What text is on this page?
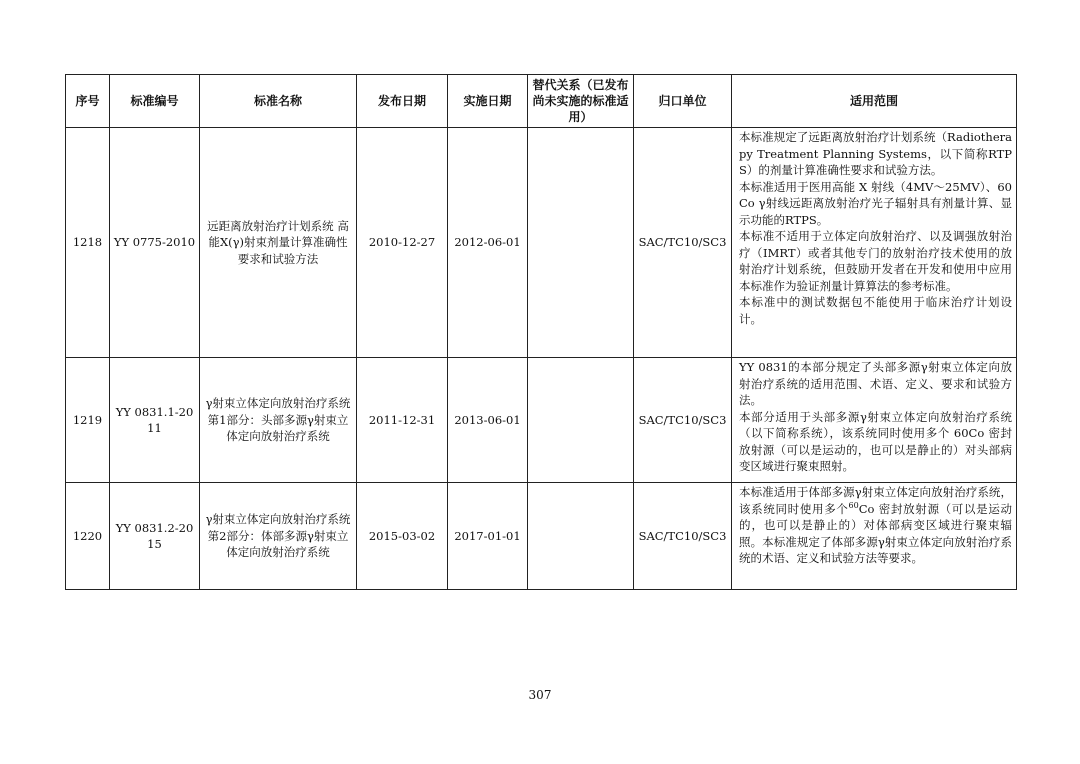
序号	标准编号	标准名称	发布日期	实施日期	替代关系（已发布尚未实施的标准适用）	归口单位	适用范围
1218	YY 0775-2010	远距离放射治疗计划系统 高能X(γ)射束剂量计算准确性要求和试验方法	2010-12-27	2012-06-01		SAC/TC10/SC3	本标准规定了远距离放射治疗计划系统（Radiotherapy Treatment Planning Systems，以下简称RTPS）的剂量计算准确性要求和试验方法。
本标准适用于医用高能 X 射线（4MV～25MV）、60Co γ射线远距离放射治疗光子辐射具有剂量计算、显示功能的RTPS。
本标准不适用于立体定向放射治疗、以及调强放射治疗（IMRT）或者其他专门的放射治疗技术使用的放射治疗计划系统，但鼓励开发者在开发和使用中应用本标准作为验证剂量计算算法的参考标准。
本标准中的测试数据包不能使用于临床治疗计划设计。

1219	YY 0831.1-2011	γ射束立体定向放射治疗系统 第1部分：头部多源γ射束立体定向放射治疗系统	2011-12-31	2013-06-01		SAC/TC10/SC3	YY 0831的本部分规定了头部多源γ射束立体定向放射治疗系统的适用范围、术语、定义、要求和试验方法。
本部分适用于头部多源γ射束立体定向放射治疗系统（以下简称系统），该系统同时使用多个 60Co 密封放射源（可以是运动的，也可以是静止的）对头部病变区域进行聚束照射。

1220	YY 0831.2-2015	γ射束立体定向放射治疗系统 第2部分：体部多源γ射束立体定向放射治疗系统	2015-03-02	2017-01-01		SAC/TC10/SC3	本标准适用于体部多源γ射束立体定向放射治疗系统，该系统同时使用多个$^{60}$Co 密封放射源（可以是运动的，也可以是静止的）对体部病变区域进行聚束辐照。本标准规定了体部多源γ射束立体定向放射治疗系统的术语、定义和试验方法等要求。
307
